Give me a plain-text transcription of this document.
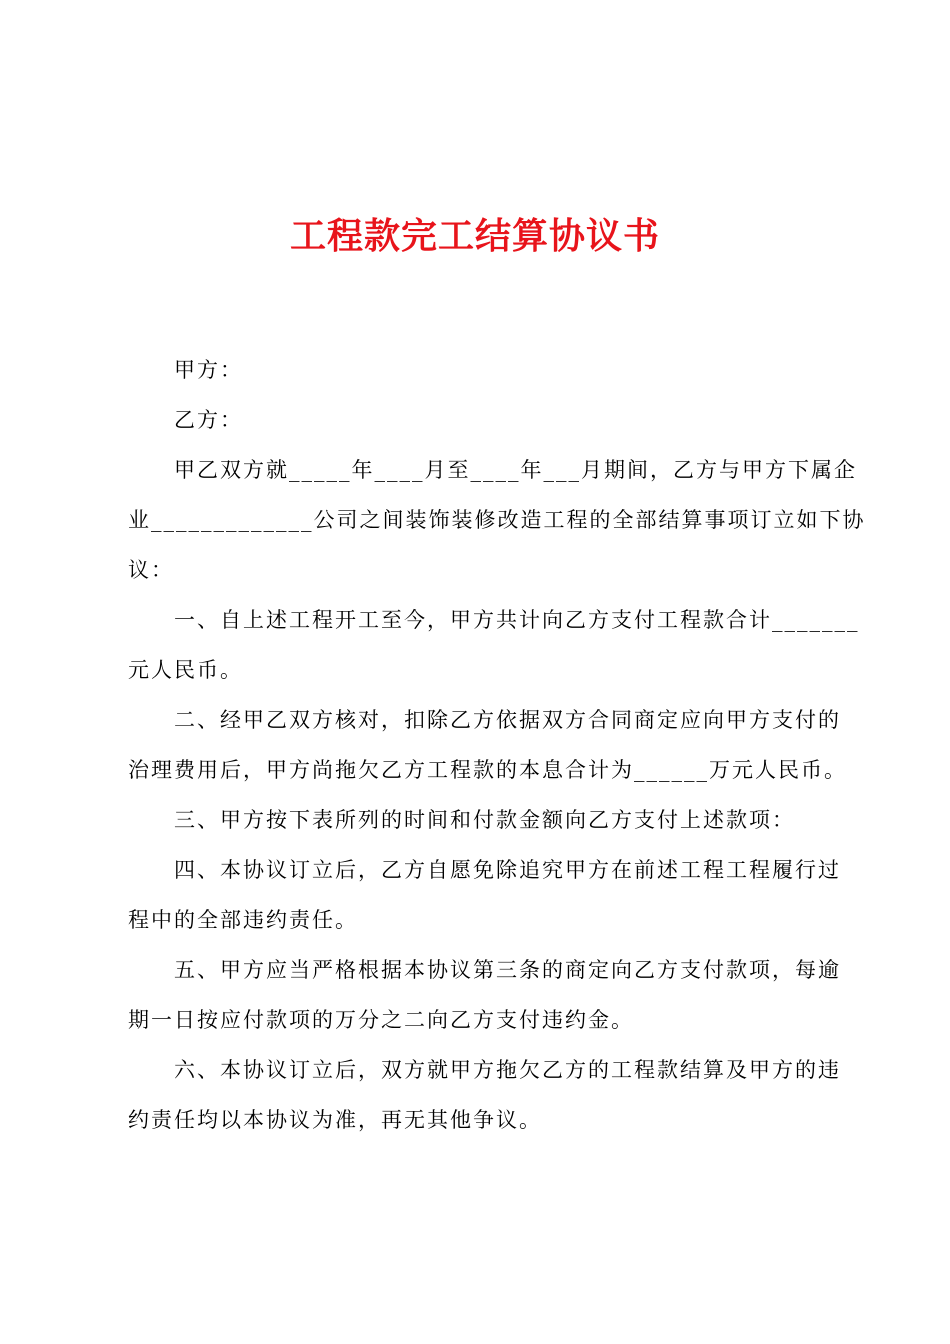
工程款完工结算协议书
甲方：
乙方：
甲乙双方就_____年____月至____年___月期间，乙方与甲方下属企
业_____________公司之间装饰装修改造工程的全部结算事项订立如下协
议：
一、自上述工程开工至今，甲方共计向乙方支付工程款合计_______
元人民币。
二、经甲乙双方核对，扣除乙方依据双方合同商定应向甲方支付的
治理费用后，甲方尚拖欠乙方工程款的本息合计为______万元人民币。
三、甲方按下表所列的时间和付款金额向乙方支付上述款项：
四、本协议订立后，乙方自愿免除追究甲方在前述工程工程履行过
程中的全部违约责任。
五、甲方应当严格根据本协议第三条的商定向乙方支付款项，每逾
期一日按应付款项的万分之二向乙方支付违约金。
六、本协议订立后，双方就甲方拖欠乙方的工程款结算及甲方的违
约责任均以本协议为准，再无其他争议。
